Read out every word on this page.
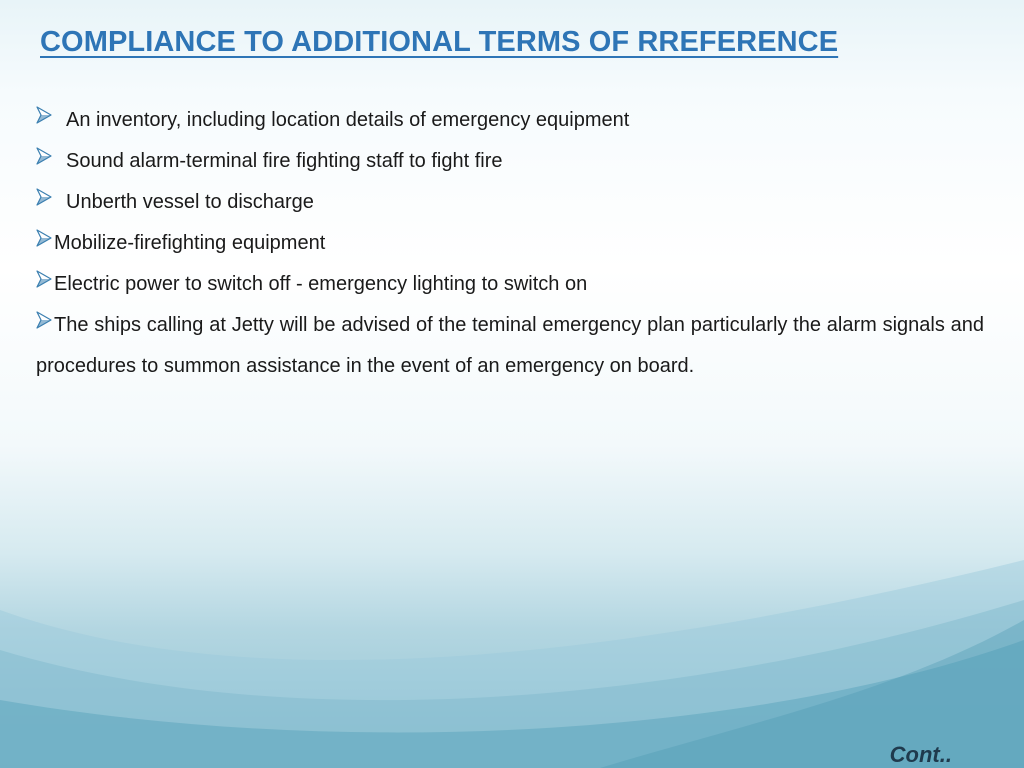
COMPLIANCE TO ADDITIONAL TERMS OF RREFERENCE
An inventory, including location details of emergency equipment
Sound alarm-terminal fire fighting staff to fight fire
Unberth vessel to discharge
Mobilize-firefighting equipment
Electric power to switch off - emergency lighting to switch on
The ships calling at Jetty will be advised of the teminal emergency plan particularly the alarm signals and procedures to summon assistance in the event of an emergency on board.
Cont..
